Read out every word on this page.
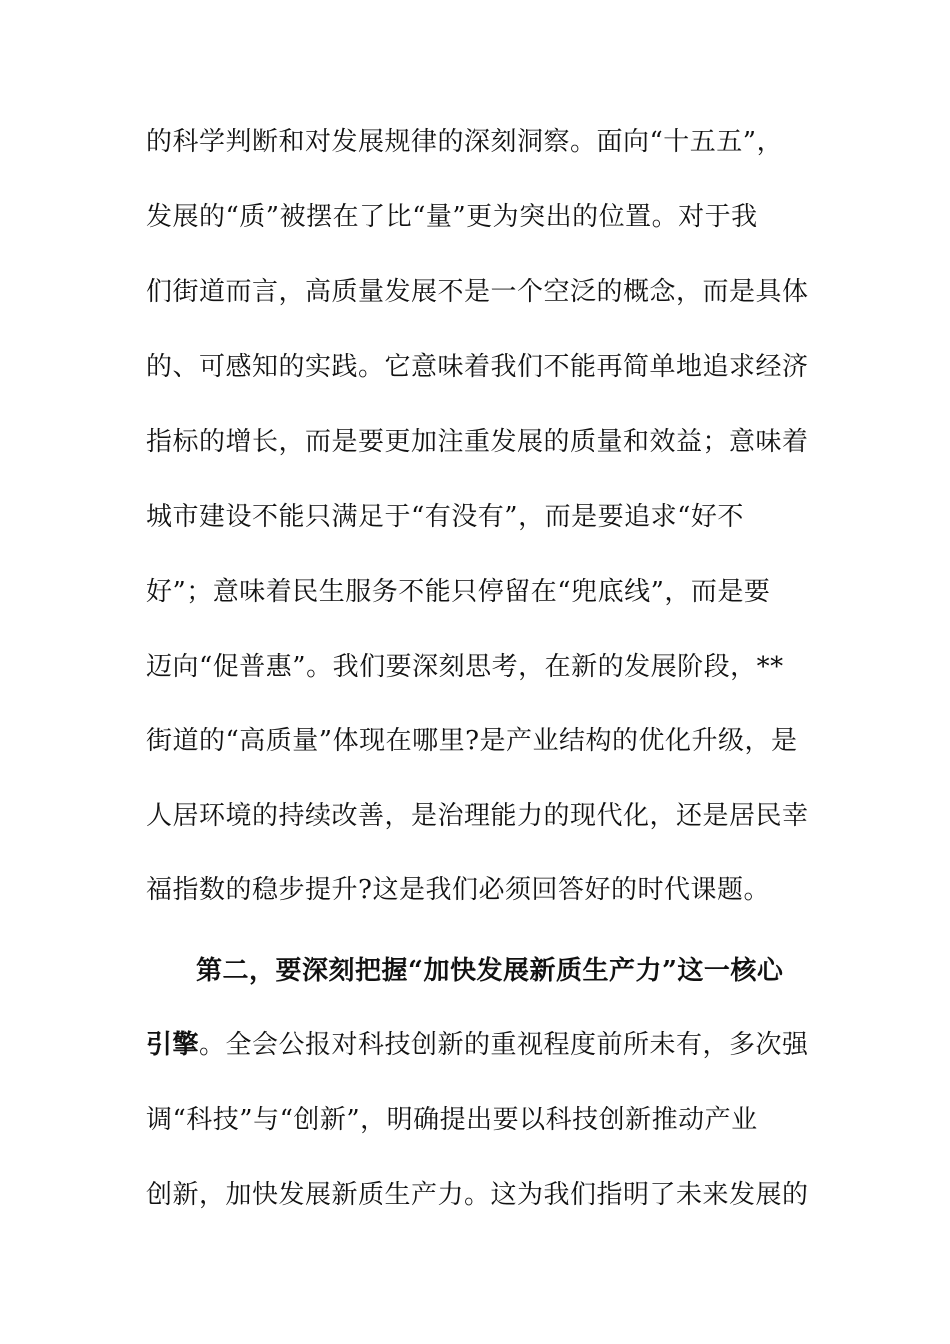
的科学判断和对发展规律的深刻洞察。面向“十五五”，
发展的“质”被摆在了比“量”更为突出的位置。对于我
们街道而言，高质量发展不是一个空泛的概念，而是具体
的、可感知的实践。它意味着我们不能再简单地追求经济
指标的增长，而是要更加注重发展的质量和效益；意味着
城市建设不能只满足于“有没有”，而是要追求“好不
好”；意味着民生服务不能只停留在“兜底线”，而是要
迈向“促普惠”。我们要深刻思考，在新的发展阶段，**
街道的“高质量”体现在哪里?是产业结构的优化升级，是
人居环境的持续改善，是治理能力的现代化，还是居民幸
福指数的稳步提升?这是我们必须回答好的时代课题。
第二，要深刻把握“加快发展新质生产力”这一核心
引擎。全会公报对科技创新的重视程度前所未有，多次强
调“科技”与“创新”，明确提出要以科技创新推动产业
创新，加快发展新质生产力。这为我们指明了未来发展的
